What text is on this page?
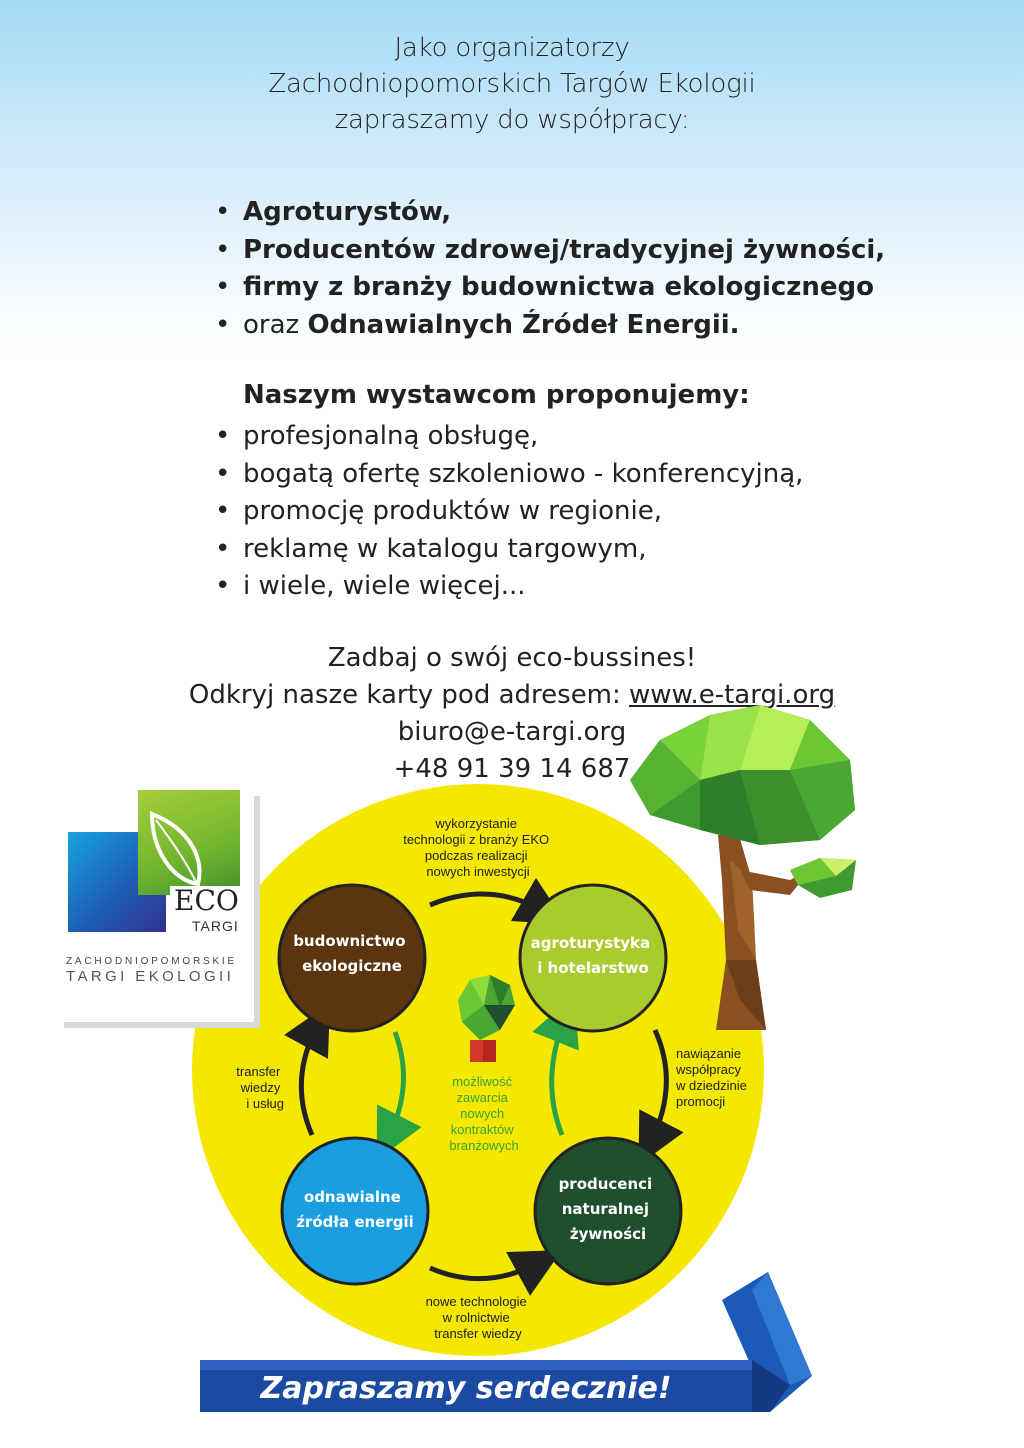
Jako organizatorzy
Zachodniopomorskich Targów Ekologii
zapraszamy do współpracy:
• Agroturystów,
• Producentów zdrowej/tradycyjnej żywności,
• firmy z branży budownictwa ekologicznego
• oraz Odnawialnych Źródeł Energii.
Naszym wystawcom proponujemy:
• profesjonalną obsługę,
• bogatą ofertę szkoleniowo - konferencyjną,
• promocję produktów w regionie,
• reklamę w katalogu targowym,
• i wiele, wiele więcej...
Zadbaj o swój eco-bussines!
Odkryj nasze karty pod adresem: www.e-targi.org
biuro@e-targi.org
+48 91 39 14 687
budownictwo ekologiczne
agroturystyka i hotelarstwo
odnawialne źródła energii
producenci naturalnej żywności
wykorzystanie technologii z branży EKO podczas realizacji nowych inwestycji
transfer wiedzy i usług
nawiązanie współpracy w dziedzinie promocji
nowe technologie w rolnictwie transfer wiedzy
możliwość zawarcia nowych kontraktów branżowych
Zapraszamy serdecznie!
ECO
TARGI
ZACHODNIOPOMORSKIE
TARGI EKOLOGII
